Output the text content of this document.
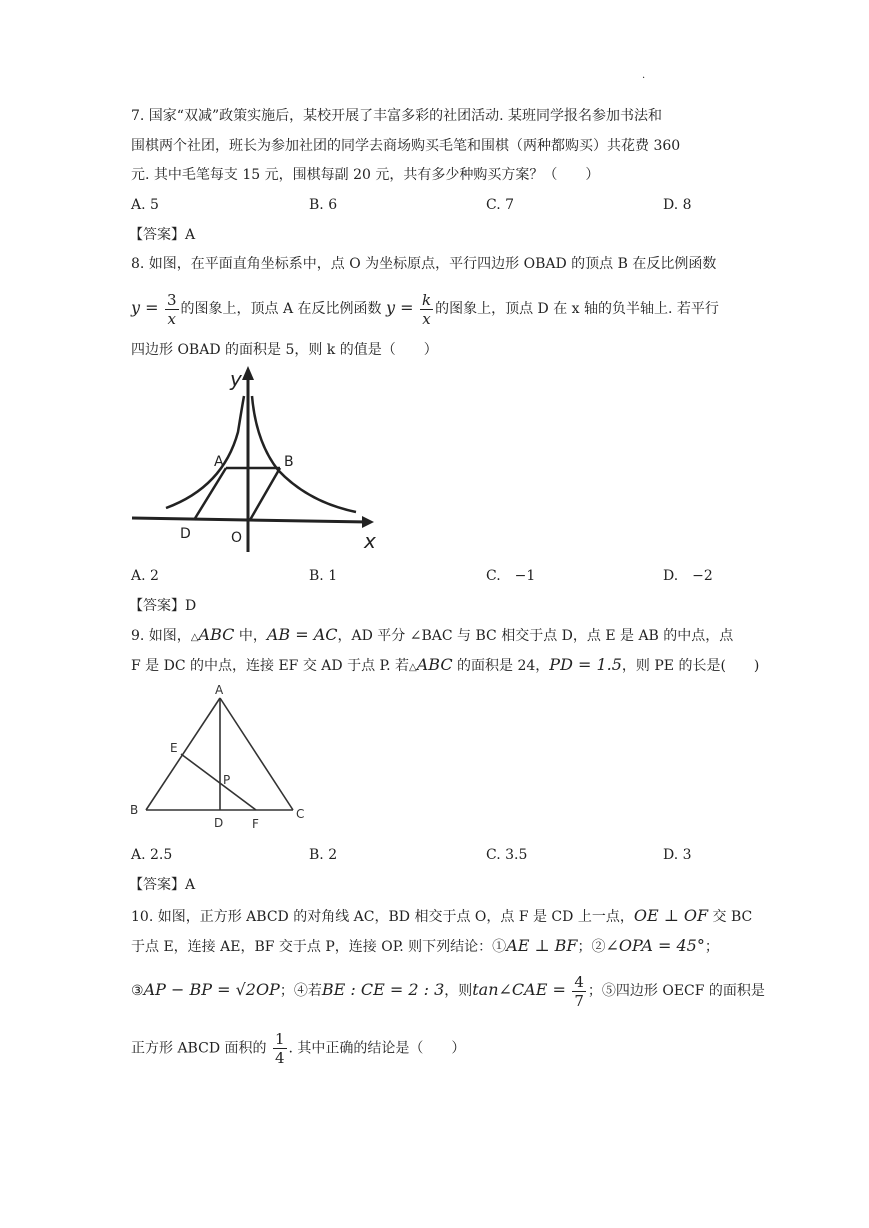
.
7. 国家“双减”政策实施后，某校开展了丰富多彩的社团活动. 某班同学报名参加书法和
围棋两个社团，班长为参加社团的同学去商场购买毛笔和围棋（两种都购买）共花费 360
元. 其中毛笔每支 15 元，围棋每副 20 元，共有多少种购买方案？（　　）
A. 5	B. 6	C. 7	D. 8
【答案】A
8. 如图，在平面直角坐标系中，点 O 为坐标原点，平行四边形 OBAD 的顶点 B 在反比例函数
$y = \frac{3}{x}$ 的图象上，顶点 A 在反比例函数 $y = \frac{k}{x}$ 的图象上，顶点 D 在 x 轴的负半轴上. 若平行
四边形 OBAD 的面积是 5，则 k 的值是（　　）
y
x
A	B
D	O
A. 2	B. 1	C.　−1	D.　−2
【答案】D
9. 如图，△ABC 中，AB = AC，AD 平分 ∠BAC 与 BC 相交于点 D，点 E 是 AB 的中点，点
F 是 DC 的中点，连接 EF 交 AD 于点 P. 若△ABC 的面积是 24，PD = 1.5，则 PE 的长是(　　)
A
B	C
D
E
F
P
A. 2.5	B. 2	C. 3.5	D. 3
【答案】A
10. 如图，正方形 ABCD 的对角线 AC，BD 相交于点 O，点 F 是 CD 上一点，OE ⊥ OF 交 BC
于点 E，连接 AE，BF 交于点 P，连接 OP. 则下列结论：①AE ⊥ BF；②∠OPA = 45°；
③AP − BP = √2OP；④若BE : CE = 2 : 3，则tan∠CAE = $\frac{4}{7}$ ；⑤四边形 OECF 的面积是
正方形 ABCD 面积的 $\frac{1}{4}$ . 其中正确的结论是（　　）
